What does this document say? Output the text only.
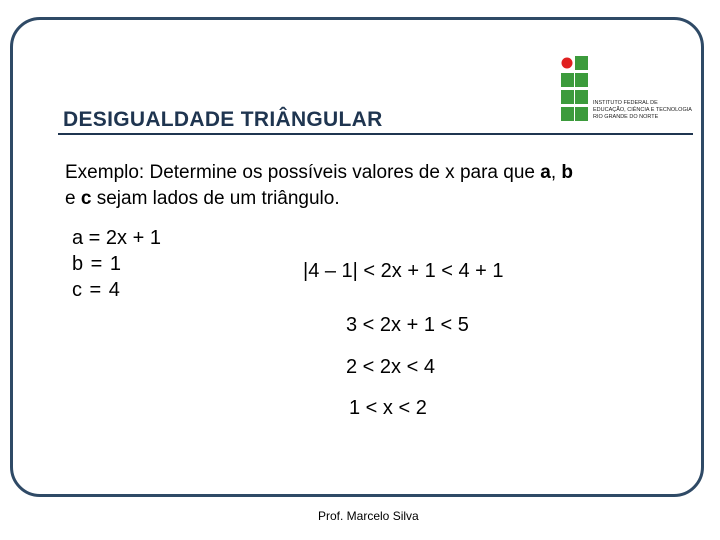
DESIGUALDADE TRIÂNGULAR
INSTITUTO FEDERAL DE
EDUCAÇÃO, CIÊNCIA E TECNOLOGIA
RIO GRANDE DO NORTE
Exemplo: Determine os possíveis valores de x para que a, b
e c sejam lados de um triângulo.
a = 2x + 1
b = 1
c = 4
|4 – 1| < 2x + 1 < 4 + 1
3 < 2x + 1 < 5
2 < 2x < 4
1 < x < 2
Prof. Marcelo Silva
